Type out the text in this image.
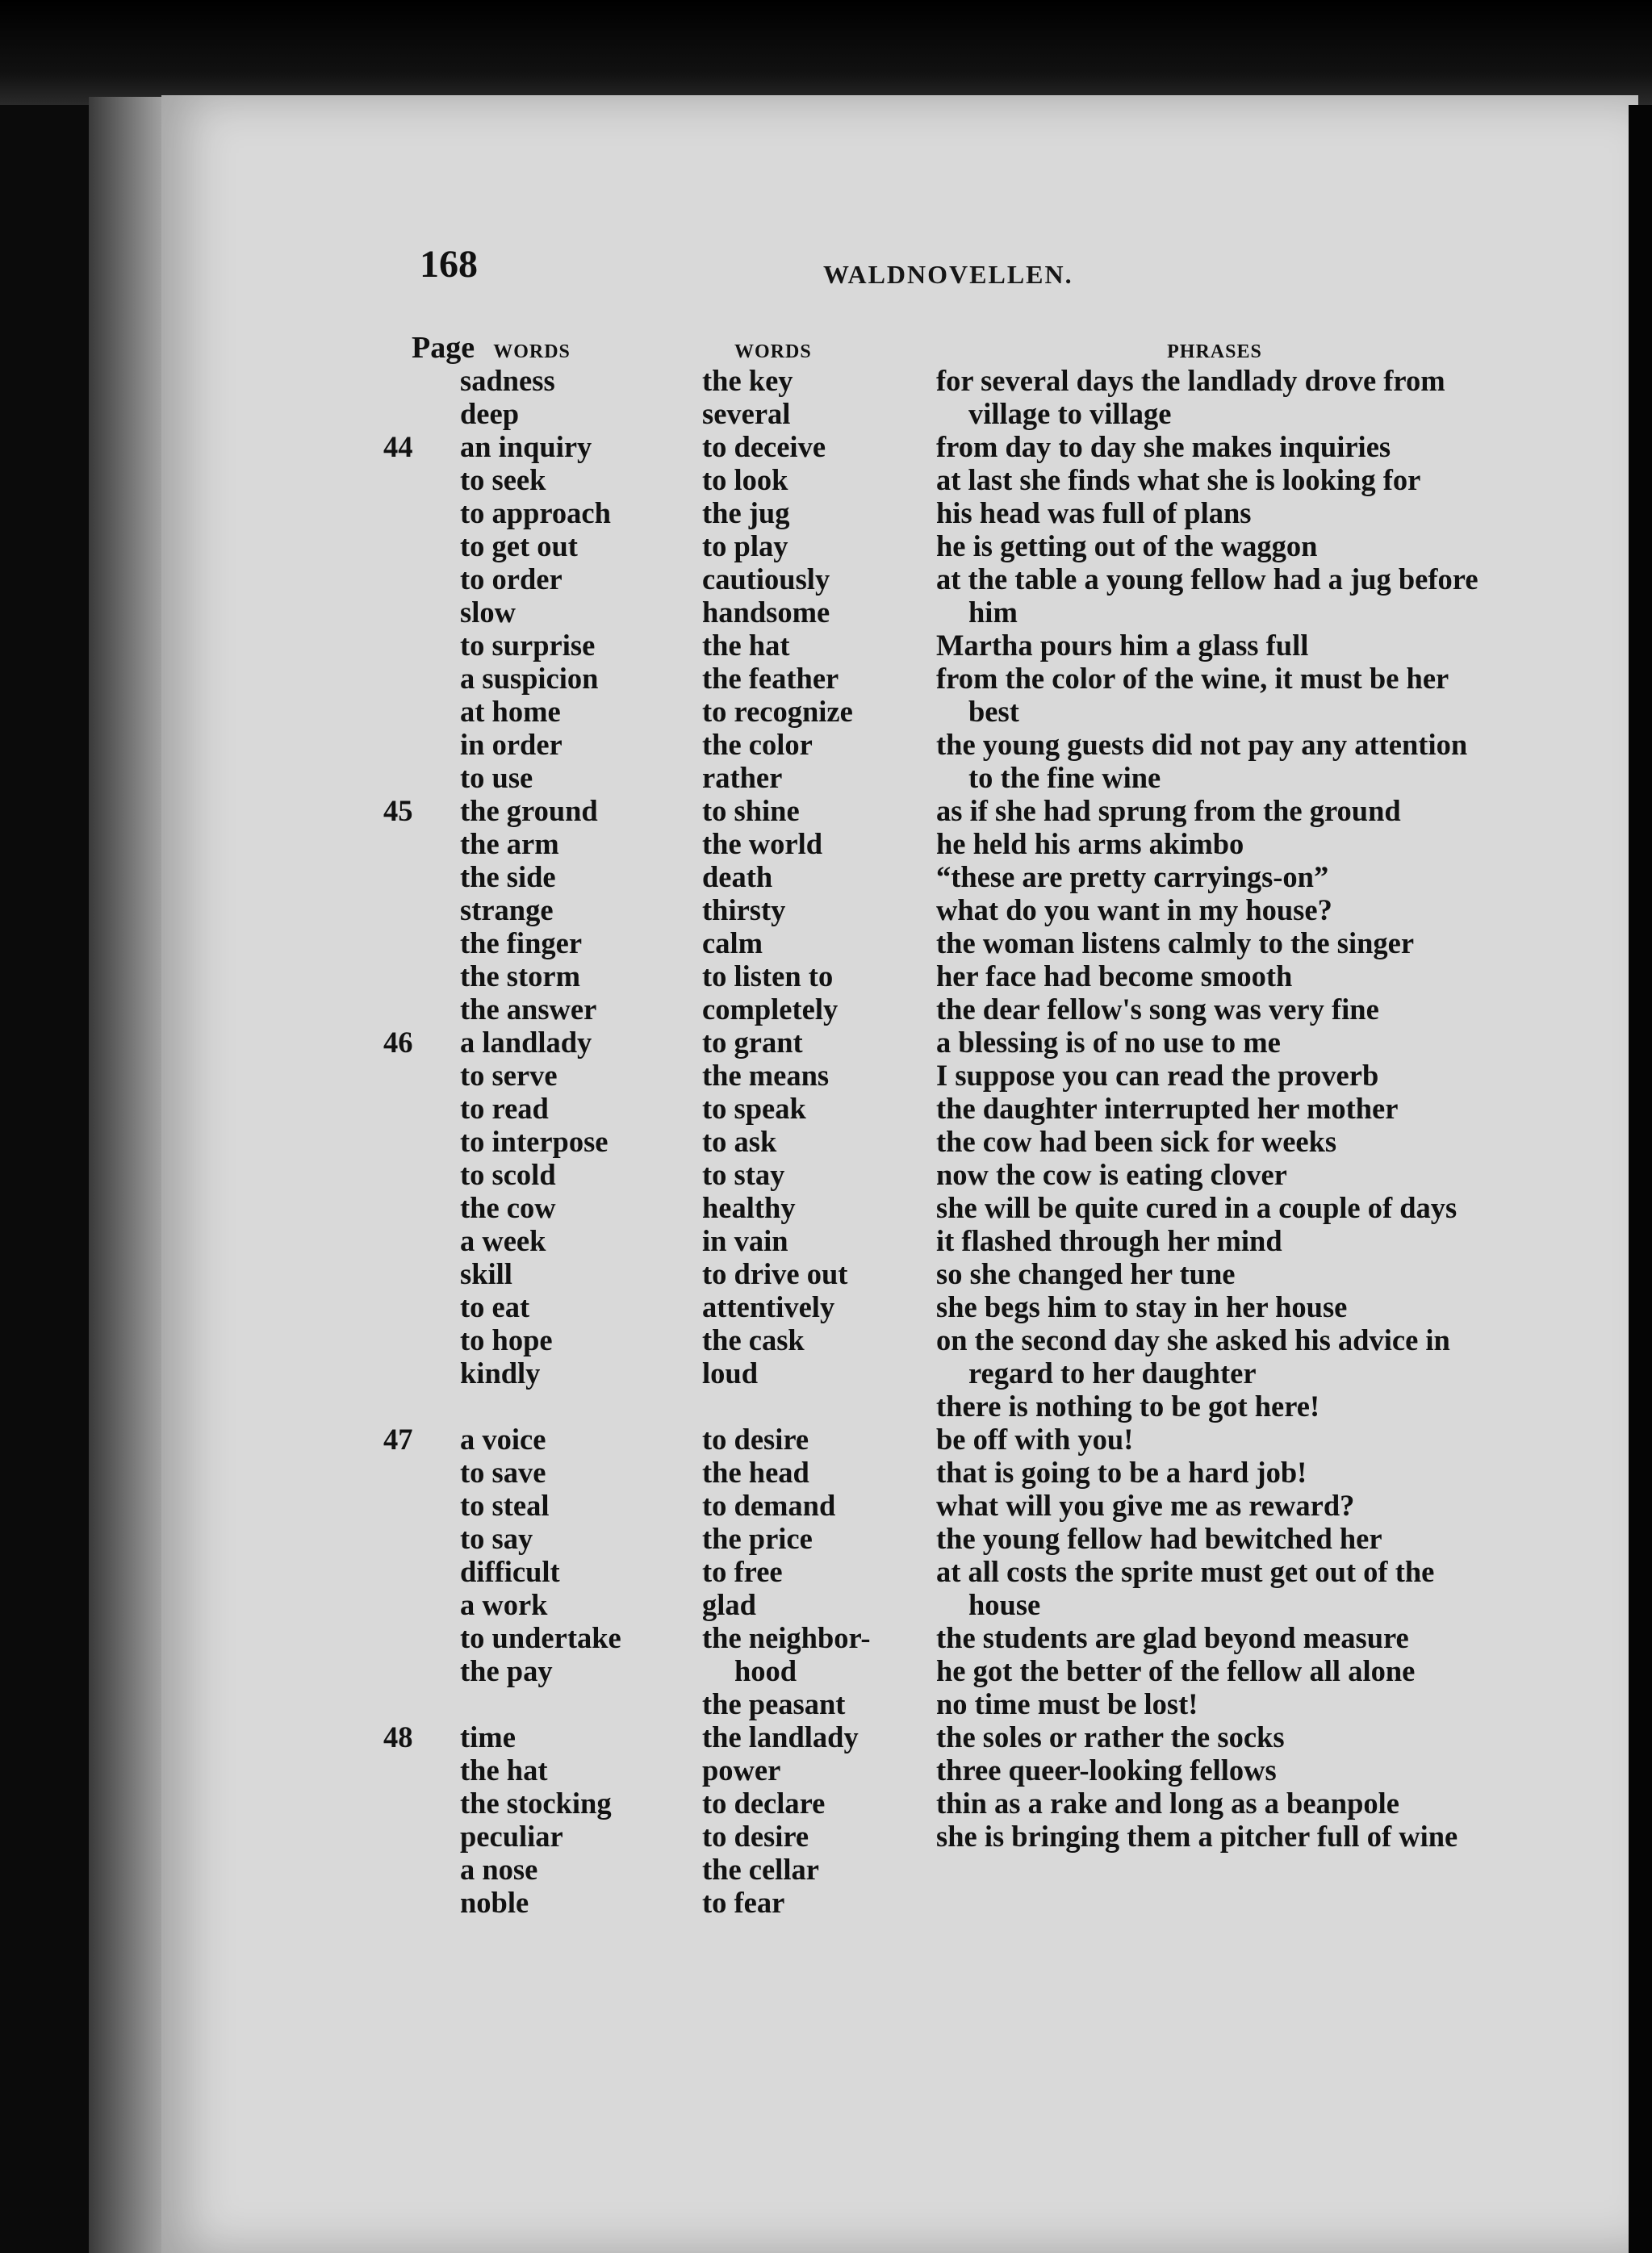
168	WALDNOVELLEN.
Page WORDS
sadness
deep
44 an inquiry
to seek
to approach
to get out
to order
slow
to surprise
a suspicion
at home
in order
to use
45 the ground
the arm
the side
strange
the finger
the storm
the answer
46 a landlady
to serve
to read
to interpose
to scold
the cow
a week
skill
to eat
to hope
kindly
47 a voice
to save
to steal
to say
difficult
a work
to undertake
the pay
48 time
the hat
the stocking
peculiar
a nose
noble
WORDS
the key
several
to deceive
to look
the jug
to play
cautiously
handsome
the hat
the feather
to recognize
the color
rather
to shine
the world
death
thirsty
calm
to listen to
completely
to grant
the means
to speak
to ask
to stay
healthy
in vain
to drive out
attentively
the cask
loud
to desire
the head
to demand
the price
to free
glad
the neighbor-
hood
the peasant
the landlady
power
to declare
to desire
the cellar
to fear
PHRASES
for several days the landlady drove from village to village
from day to day she makes inquiries
at last she finds what she is looking for
his head was full of plans
he is getting out of the waggon
at the table a young fellow had a jug before him
Martha pours him a glass full
from the color of the wine, it must be her best
the young guests did not pay any attention to the fine wine
as if she had sprung from the ground
he held his arms akimbo
“these are pretty carryings-on”
what do you want in my house?
the woman listens calmly to the singer
her face had become smooth
the dear fellow's song was very fine
a blessing is of no use to me
I suppose you can read the proverb
the daughter interrupted her mother
the cow had been sick for weeks
now the cow is eating clover
she will be quite cured in a couple of days
it flashed through her mind
so she changed her tune
she begs him to stay in her house
on the second day she asked his advice in regard to her daughter
there is nothing to be got here!
be off with you!
that is going to be a hard job!
what will you give me as reward?
the young fellow had bewitched her
at all costs the sprite must get out of the house
the students are glad beyond measure
he got the better of the fellow all alone
no time must be lost!
the soles or rather the socks
three queer-looking fellows
thin as a rake and long as a beanpole
she is bringing them a pitcher full of wine
